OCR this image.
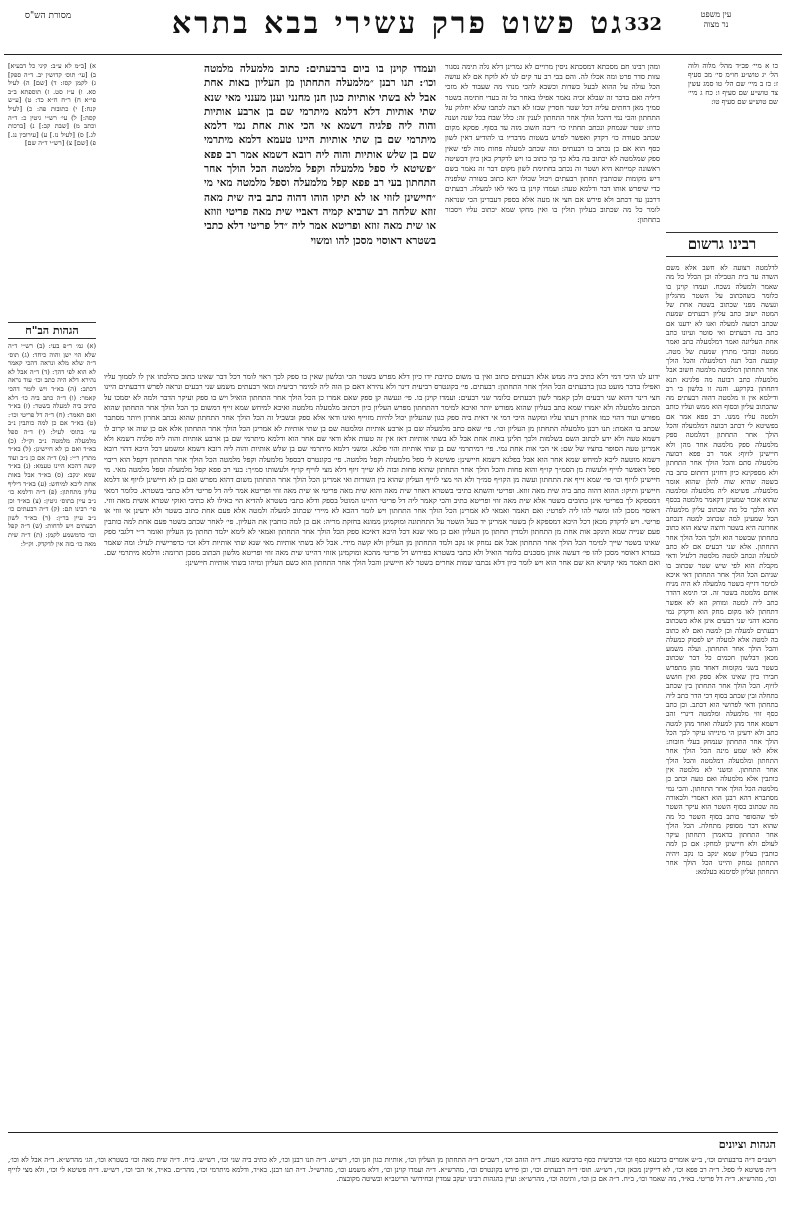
עין משפט
נר מצוה
332
גט פשוט פרק עשירי בבא בתרא
מסורת הש"ס
כו א מיי׳ פכ״ד מהל׳ מלוה ולוה הל׳ יג טוש״ע חו״מ סי׳ מב סעיף ז: כז ב מיי׳ שם הל׳ טו סמג עשין צד טוש״ע שם סעיף ו: כח ג מיי׳ שם טוש״ע שם סעיף טו:
רבינו גרשום
לדלמטה רצועה לא חשב אלא משם השדה עד בית הטבילה וכן הכלל כל מה שאמר ולמעלה נשכח. ועמדו קוינן בו כלומר בשהכתוב על השטר מהגליון ונעשה מפני שכתוב בשטה אחת של המטה ישוב כתב עליון רבעתים שמעת שכתב רבועה למעלה ואנו לא ידענו אם כתב בה רבעתים ואי סוטר ועיונו כתב אחת העליונה ואמר דמלמעלה כתב ואמר ממטה ובהכי מתרץ שמעת של מטה. קובעת הכל תנה דמלמעלה והכל הולך אחר התחתון דמלמטה מלמטה חשוב אבל מלמעלה כתב רבועה מה פלגינא תנא דתחתון בקרקע. והנה זו בלשון בי רב ודילמא אין זו מלמטה דהוה רבעתים מה שהכתוב עליון ובסוף הוא ממש ועליו כותב ולמטה עליו ממנו. רב פפא אמר אם בפשיטא לי דכתב רבועה דמלמעלה והכל הולך אחר התחתון דמלמטה ספק מלמעלה ספק מלמטה אחד מהן ולא חיישינן לזיוף: אמר רב פפא רבועה מלמעלה סתם והכל הולך אחר התחתון ולא מספקינא כיון דחזינן דחתום כתב בה בשטה שהיא שוה להלן שהוא אומר מלמעלה. פשיטא ליה מלמעלה ומלמטה שהוא אומר שמעינן דקאמר מלמטה בכסף הוא הלכך כל מה שכתוב עליון מלמעלה הכל שמעינן למה שכתוב למטה דנכתב אחרונה היא בשטר ורוצה שיצא הוא כתוב בתחתון שבשטר הוא ולכך הכל הולך אחר התחתון. אלא שני רבעים אם לא כתב למעלה ונכתב למטה מלמטה דלעיל ודאי מקבלת הוא לפי שיש שטר שכתוב בו שניהם הכל הולך אחר התחתון דאי איכא למימר דזייף בשטר מלמעלה לא היה מניח אותם מלמטה בשטר זה. וכי תימא דהדר כתב ליה למטה ומוחק הא לא אפשר דתחתון לאו מקום מחק הוא ודקדק נמי מהכא דהני שני רבעים אינן אלא כשכתוב רבעתים למעלה וכן למטה ואם לא כתוב בה למטה אלא למעלה יש לפסוק כמעלה והכל הולך אחר התחתון. ועלה משמע מכאן דבלשון חכמים כל דבר שכתוב בשטר בשני מקומות דאחד מהן מתפרש חבירו כיון שאינו אלא ספק ואין חושש לזיוף. הכל הולך אחר התחתון בין שכתב בתחלה ובין שכתב בסוף דכי הדר כתב ליה בתחתון ודאי לפרושי הוא דכתב. וכן כתב כסף זוזי מלמעלה ומלמטה דינרי זהב דשמא אחד מהן למעלה ואחד מהן למטה כתב ולא ידעינן הי מינייהו עיקר לכך הכל הולך אחר התחתון שנמחק בעלי חובות: אלא לאו שמע מינה הכל הולך אחר התחתון ומלמעלה דמלמטה והכל הולך אחר התחתון. ומשני לא מלמטה אין כותבין אלא מלמעלה ואם טעה וכתב כן מלמטה הכל הולך אחר התחתון. והכי נמי מסתברא דהא רבנן הוא דאמרי ולכאורה מה שכתוב בסוף השטר הוא עיקר השטר לפי שהסופר כותב בסוף השטר כל מה שהוא דבר מסופק מתחלה. הכל הולך אחר התחתון כדאמרן דתחתון עיקר לעולם ולא חיישינן למחק: אם כן למה כותבין בעליון שמא ינקב בו נקב ויהיה התחתון נמחק והיינו הכל הולך אחר התחתון ועליון לסימנא בעלמא:
ומהן רבינו חם מסכתא דמסכתא ניסין מרויים לא גמרינן דלא גלה תימה נסגור עזות סדר פרט ומה אכלו לה. והם בבי רב עד קים לנו לא לוקח אם לא עושה הכל עולה על ההוא לבעל כשדות וכשבא להכי מנהי מה שעבוד לא מזכי דיליה ואם בדבר זה שבלא זכיה נאמר אפילו באחר כל זה בעדי חתימה בשטר סמיך מאן דחתים עליה דכל שטר חסרין שבזו לא רצה לכתבו שלא יחלוק על התחתון והכי נמי דהכל הולך אחר התחתון לענין זה: כלל שבח בכל שנה ושנה כרוז: שטר שנמחק ונכתב תחתיו כו׳ ריבה חשוב מזה עד בסוף. פסקא מקום שכתב סעודה כו׳ דקדק ואפשר לפרש בשטות מדבריו בו להודיע דאין לשון כסף הוא אם כן נכתב בו רבעתים ומה שכתב למעלה פחות מזה לפי שאין ספק שמלמטה לא יכתוב בה בלא כך כך כתוב בו ויש לדקדק כאן כיון דבשיטה ראשונה קמייתא היא ושטר זה נכתב בחתימת לשון מקום דבר זה נאמר בשם דיש מקומות שכותבין תחתון רבעתים ויכול שכולו יהא כתוב בשורה שלפניה כדי שיפרש אותו דבר ודלמא טעה: ועמדו קוינן בו מאי לאו למעלה. רבעתים דרבנן עד דכתב ולא פירש אם חצי או מעה אלא בספק דעבדינן הכי שנראה לומר כל מה שכתוב בעליון תולין בו ואין מחקו שמא יכתוב עליו ויסבור בתחתון:
ועמדו קוינן בו ביום ברבעתים: כתוב מלמעלה מלמטה וכו׳: תנו רבנן ״מלמעלה התחתון מן העליון באות אחת אבל לא בשתי אותיות כגון חנן מחנני וענן מענני מאי שנא שתי אותיות דלא דלמא מיתרמי שם בן ארבע אותיות והוה ליה פלגיה דשמא אי הכי אות אחת נמי דלמא מיתרמי שם בן שתי אותיות היינו טעמא דלמא מיתרמי שם בן שלש אותיות והוה ליה רובא דשמא אמר רב פפא ״פשיטא לי ספל מלמעלה וקפל מלמטה הכל הולך אחר התחתון בעי רב פפא קפל מלמעלה וספל מלמטה מאי מי ״חיישינן לזוזי או לא תיקו הוהו דהוה כתב ביה שית מאה זוזא שלחה רב שרביא קמיה דאביי שית מאה פריטי וזוזא או שית מאה זוזא ופריטא אמר ליה ״דל פריטי דלא כתבי בשטרא דאוסוי מסכן להו ומשוי
א) [ב״מ לא ע״ב: קיני כל דבעיא] ב) [עי׳ תוס׳ קדושין יב. ד״ה ספק] ג) לקמן קסז: ד) [שם] ה) לעיל סא. ו) ע״ז סט. ז) תוספתא ב״ב פי״א ח) ר״ח ח״א כד: ט) [ע״ש קנח:] י) כתובות פה: כ) [לעיל קסה:] ל) עי׳ רש״י גיטין כ: ד״ה וכתב מ) [שבת קב:] נ) [ברכות לג.] ס) [לעיל נז.] ע) [עירובין נג.] פ) [שם] צ) [רש״י ד״ה שם]
הגהות הב"ח
(א) גמ׳ ר״פ בעי: (ב) רש״י ד״ה שלא הוי ישן והוה כיחד: (ג) תוס׳ ד״ה שלא מלא ונראה דהכי קאמר לא הוא לפי דהך: (ד) ד״ה אבל לא נהירא דלא היה כתב וכו׳ עוד נראה דכתב: (ה) בא״ד ויש לומר דהכי קאמר: (ו) ד״ה כתב ביה כו׳ דלא כתיב ביה למעלה בשטר: (ז) בא״ד ואם תאמר: (ח) ד״ה דל פריטי וכו׳: (ט) בא״ד אם כן למה כותבין נ״ב עי׳ בתוס׳ לעיל: (י) ד״ה ספל מלמעלה מלמטה נ״ב וק״ל: (כ) בא״ד ואם כן לא חיישינן: (ל) בא״ד מתרץ ר״י: (מ) ד״ה אם כן נ״ב ועוד קשה דהכא היינו טעמא: (נ) בא״ד שמא ינקב: (ס) בא״ד אבל באות אחת ליכא למיחש: (ע) בא״ד דיליף עליון מתחתון: (פ) ד״ה ודלמא כו׳ נ״ב עיין בתוס׳ גיטין: (צ) בא״ד וכן פי׳ רבינו תם: (ק) ד״ה רבעתים כו׳ נ״ב עיין בר״ן: (ר) בא״ד לשון רבעתים ויש לדחות: (ש) ד״ה קפל וכו׳ כדמשמע לקמן: (ת) ד״ה שית מאה כו׳ בזה אין לדקדק. וק״ל:
ידוע לנו היכי דמי דלא כתיב ביה ממש אלא רבעתים כתוב ואין בו משום כתיבת ידו כיון דלא מפרש בשטר הכי ובלשון שאין בו ספק לכך ראוי לומר דכל דבר שאינו כתוב כהלכתו אין לו לסמוך עליו ואפילו בדבר מועט כגון ברבעתים הכל הולך אחר התחתון: רבעתים. פי׳ בקונטרס רביעית דינר ולא נהירא דאם כן הוה ליה למימר רביעית ומאי רבעתים משמע שני רבעים ונראה לפרש דרבעתים היינו חצי דינר דהוא שני רבעים ולכן קאמר לשון רבעתים כלומר שני רבעים: ועמדו קוינן בו. פי׳ ונעשה קן ספק שאם אמרו כן הכל הולך אחר התחתון הואיל ויש בו ספק ועיקר הדבר ולמה לא יסמכו על הכתוב מלמעלה ולא יאמרו שמא כתב בעליון שהוא מפורש יותר ואיכא למימר דהתחתון מפרש העליון כיון דכתוב מלמעלה מלמטה ואיכא למיחש שמא זייף דמשום כך הכל הולך אחר התחתון שהוא מפורש ועוד דהוי כמו אחרון דעתו עליו ומקשה היכי דמי אי דאית ביה ספק כגון שהעליון יכול להיות מזוייף ואינו ודאי אלא ספק ובשביל זה הכל הולך אחר התחתון שהוא נכתב אחרון ויותר מסתבר שכתב בו האמת: תנו רבנן מלמעלה התחתון מן העליון וכו׳. פי׳ שאם כתב מלמעלה שם בן ארבע אותיות ומלמטה שם בן שתי אותיות לא אמרינן הכל הולך אחר התחתון אלא אם כן שוה או קרוב לו דשמא טעה ולא ידע לכתוב השם בשלמות ולכך תלינן באות אחת אבל לא בשתי אותיות דאז אין זה טעות אלא ודאי שם אחר הוא ודלמא מיתרמי שם בן ארבע אותיות והוה ליה פלגיה דשמא ולא אמרינן טעה הסופר בחציו של שם: אי הכי אות אחת נמי. פי׳ דמיתרמי שם בן שתי אותיות והוי פלגא. ומשני דלמא מיתרמי שם בן שלש אותיות והוה ליה רובא דשמא ומשמע דכל היכא דהוי רובא דשמא מוטעה ליכא למיחש שמא אחר הוא אבל בפלגא דשמא חיישינן: פשיטא לי ספל מלמעלה וקפל מלמטה. פי׳ בקונטרס דבספל מלמעלה וקפל מלמטה הכל הולך אחר התחתון דקפל הוא ריבוי ספל דאפשר לזייף ולעשות מן הסמ״ך קו״ף והוא פחות והכל הולך אחר התחתון שהוא פחות ובזה לא שייך זיוף דלא מצי לזייף קו״ף ולעשותו סמ״ך: בעי רב פפא קפל מלמעלה וספל מלמטה מאי. מי חיישינן לזיוף וכו׳ פי׳ שמא זייף את התחתון ועשה מן הקו״ף סמ״ך ולא הוי מצי לזייף העליון שהוא בין השורות ואי אמרינן הכל הולך אחר התחתון משום דהוא מפרש ואם כן לא חיישינן לזיוף או דלמא חיישינן ותיקו: ההוא דהוה כתב ביה שית מאה זוזא. ופריטי והשתא כתיבי בשטרא דאחר שית מאה והוא שית מאה פריטי או שית מאה זוזי ופריטא אמר ליה דל פריטי דלא כתבי בשטרא. כלומר דמאי דמספקא לך בפריטי אינן כתובים בשטר אלא שית מאה זוזי ופריטא כתיב והכי קאמר ליה דל פריטי דהיינו המוטל בספק ודלא כתבי בשטרא להדיא הוי כאילו לא כתיבי ואוקי שטרא אשית מאה זוזי. דאוסוי מסכן להו ומשוי להו ליה לפרטי: ואם תאמר ואמאי לא אמרינן הכל הולך אחר התחתון ויש לומר דהכא לא מיירי שכתוב למעלה ולמטה אלא פעם אחת כתוב בשטר ולא ידעינן אי זוזי או פריטי. ויש לדקדק מכאן דכל היכא דמספקא לן בשטר אמרינן יד בעל השטר על התחתונה ומוקמינן ממונא בחזקת מריה: אם כן למה כותבין את העליון. פי׳ לאחר שכתב בשטר פעם אחת למה כותבין פעם שנייה שמא תינקב אות אחת מן התחתון ולמדין תחתון מן העליון ואם כן מאי שנא דכל היכא דאיכא ספק הכל הולך אחר התחתון ואמאי לא לימא ילמד תחתון מן העליון ואומר ר״י דלגבי ספק שאינו בשטר שייך למימר הכל הולך אחר התחתון אבל אם נמחק או נקב ולמד התחתון מן העליון ולא קשה מידי. אבל לא בשתי אותיות מאי שנא שתי אותיות דלא וכו׳ כדפרישית לעיל: ומה שאמר בגמרא דאוסוי מסכן להו פי׳ דעשה אותן מסכנים כלומר הואיל ולא כתבי בשטרא בפירוש דל פריטי מהכא ומוקמינן אזוזי דהיינו שית מאה זוזי ופריטא מלשון הכתוב מסכן תרומה: ודלמא מיתרמי שם. ואם תאמר מאי קושיא הא שם אחר הוא ויש לומר כיון דלא נכתבו שמות אחרים בשטר לא חיישינן והכל הולך אחר התחתון הוא כשם העליון ומיהו בשתי אותיות חיישינן:
הגהות וציונים
רשב״ם ד״ה ברבעתים וכו׳, ב״ש אומרים ברבעא כסף וכו׳ וברביעית כסף ברביעא מעות. ד״ה הזהב וכו׳, רשב״ם ד״ה התחתון מן העליון וכו׳, אותיות כגון חנן וכו׳, רש״ש. ד״ה תנו רבנן וכו׳, לא כתיב ביה שני וכו׳, רש״ש. ב״ח. ד״ה שית מאה וכו׳ בשטרא וכו׳, הג׳ מהרש״א. ד״ה אבל לא וכו׳, ד״ה פשיטא לי ספל. ד״ה רב פפא וכו׳, לא דייקינן מכאן וכו׳, רש״ש. תוס׳ ד״ה רבעתים וכו׳, וכן פירש בקונטרס וכו׳, מהרש״א. ד״ה ועמדו קוינן וכו׳, דלא משמע וכו׳, מהרש״ל. ד״ה תנו רבנן. בא״ד, ודלמא מיתרמי וכו׳, מהר״ם. בא״ד, אי הכי וכו׳, רש״ש. ד״ה פשיטא לי וכו׳, ולא מצי לזייף וכו׳, מהרש״א. ד״ה דל פריטי. בא״ד, מה שאמר וכו׳, ב״ח. ד״ה אם כן וכו׳, ותימה וכו׳, מהרש״א: ועיין בהגהות רבינו יעקב עמדין ובחידושי הריטב״א ובשיטה מקובצת.
